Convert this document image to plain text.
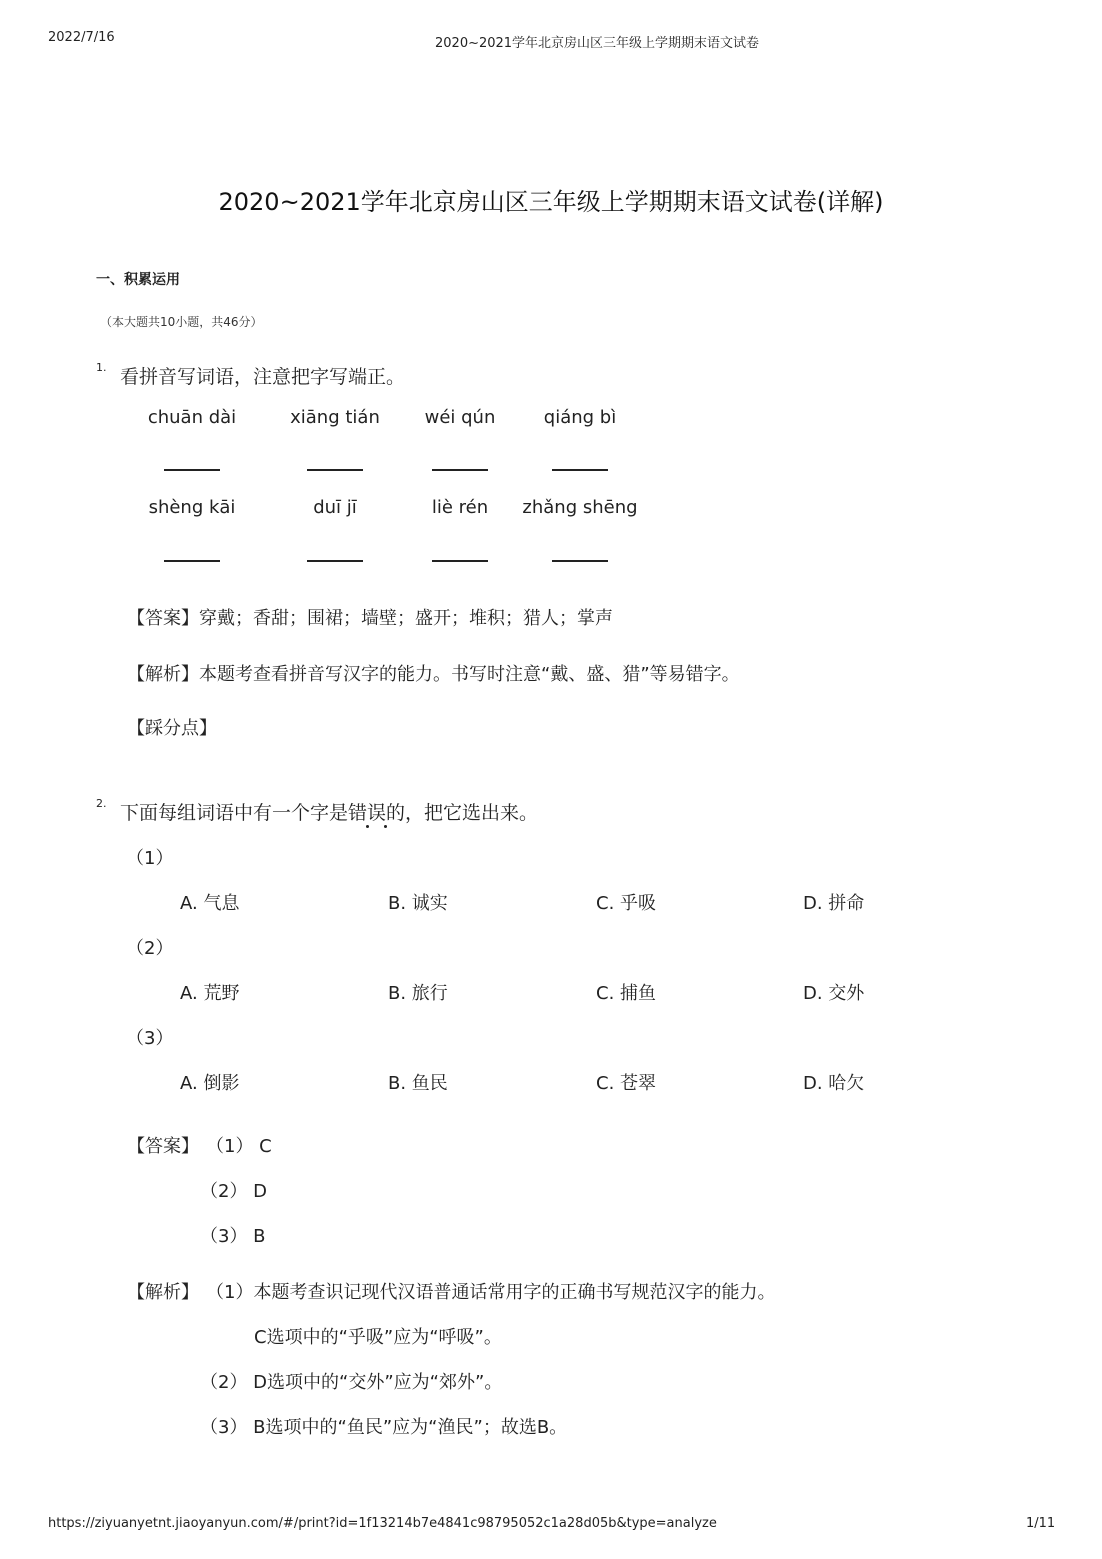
2022/7/16	2020~2021学年北京房山区三年级上学期期末语文试卷
2020~2021学年北京房山区三年级上学期期末语文试卷(详解)
一、积累运用
（本大题共10小题，共46分）
1. 看拼音写词语，注意把字写端正。
chuān dài	xiāng tián	wéi qún	qiáng bì
shèng kāi	duī jī	liè rén	zhǎng shēng
【答案】穿戴；香甜；围裙；墙壁；盛开；堆积；猎人；掌声
【解析】本题考查看拼音写汉字的能力。书写时注意“戴、盛、猎”等易错字。
【踩分点】
2. 下面每组词语中有一个字是错误的，把它选出来。
（1）
A. 气息	B. 诚实	C. 乎吸	D. 拼命
（2）
A. 荒野	B. 旅行	C. 捕鱼	D. 交外
（3）
A. 倒影	B. 鱼民	C. 苍翠	D. 哈欠
【答案】 （1） C
（2） D
（3） B
【解析】 （1）本题考查识记现代汉语普通话常用字的正确书写规范汉字的能力。
C选项中的“乎吸”应为“呼吸”。
（2） D选项中的“交外”应为“郊外”。
（3） B选项中的“鱼民”应为“渔民”；故选B。
https://ziyuanyetnt.jiaoyanyun.com/#/print?id=1f13214b7e4841c98795052c1a28d05b&type=analyze	1/11
